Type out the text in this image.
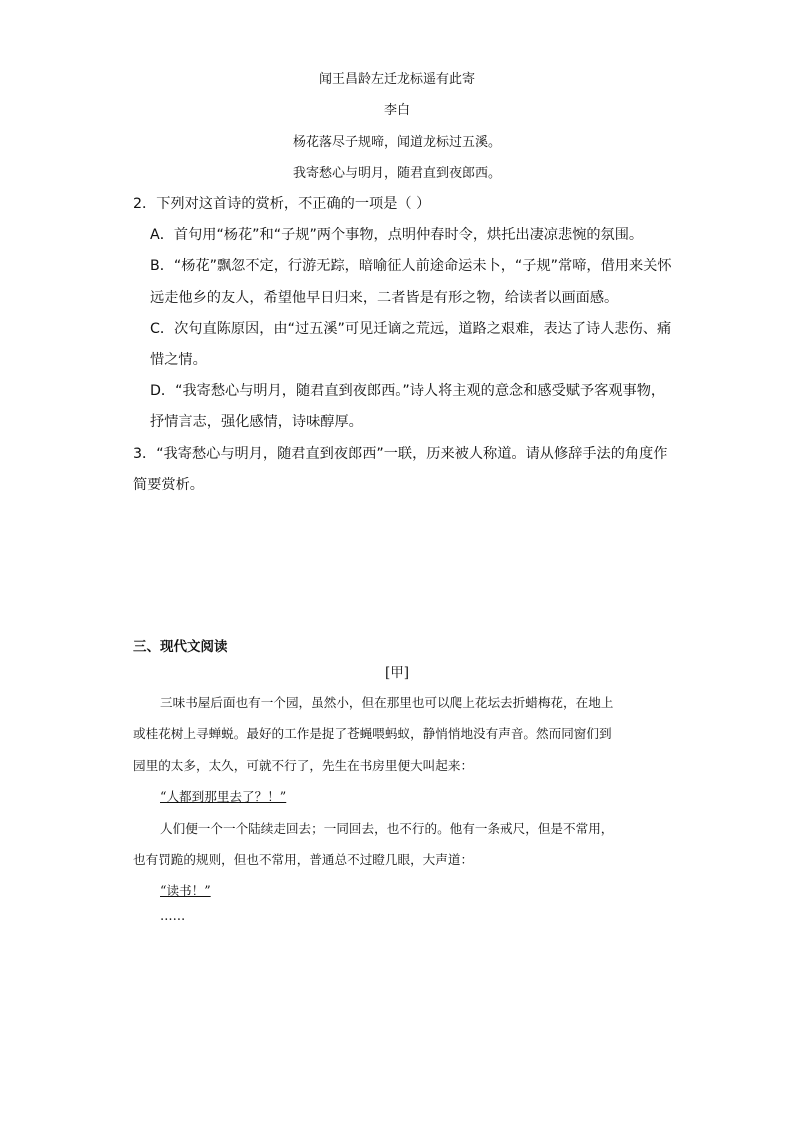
闻王昌龄左迁龙标遥有此寄
李白
杨花落尽子规啼，闻道龙标过五溪。
我寄愁心与明月，随君直到夜郎西。
2．下列对这首诗的赏析，不正确的一项是（ ）
A．首句用“杨花”和“子规”两个事物，点明仲春时令，烘托出凄凉悲惋的氛围。
B．“杨花”飘忽不定，行游无踪，暗喻征人前途命运未卜，“子规”常啼，借用来关怀
远走他乡的友人，希望他早日归来，二者皆是有形之物，给读者以画面感。
C．次句直陈原因，由“过五溪”可见迁谪之荒远，道路之艰难，表达了诗人悲伤、痛
惜之情。
D．“我寄愁心与明月，随君直到夜郎西。”诗人将主观的意念和感受赋予客观事物，
抒情言志，强化感情，诗味醇厚。
3．“我寄愁心与明月，随君直到夜郎西”一联，历来被人称道。请从修辞手法的角度作
简要赏析。
三、现代文阅读
[甲]
三味书屋后面也有一个园，虽然小，但在那里也可以爬上花坛去折蜡梅花，在地上
或桂花树上寻蝉蜕。最好的工作是捉了苍蝇喂蚂蚁，静悄悄地没有声音。然而同窗们到
园里的太多，太久，可就不行了，先生在书房里便大叫起来：
“人都到那里去了？！”
人们便一个一个陆续走回去；一同回去，也不行的。他有一条戒尺，但是不常用，
也有罚跪的规则，但也不常用，普通总不过瞪几眼，大声道：
“读书！”
……
